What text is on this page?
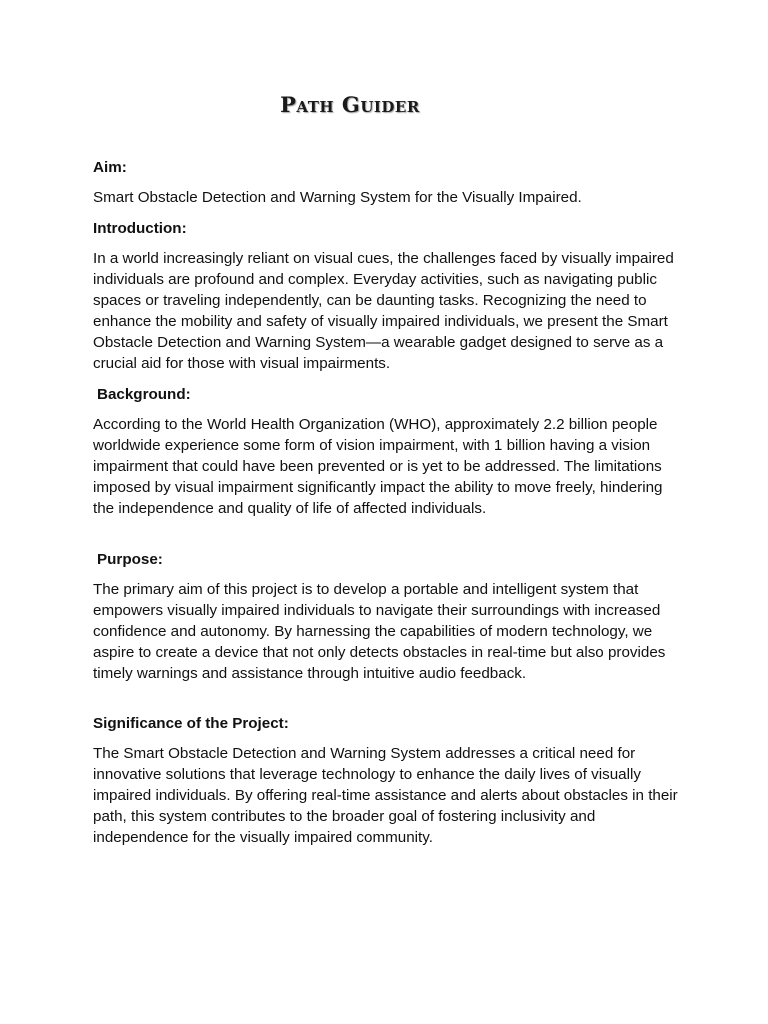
Path Guider
Aim:
Smart Obstacle Detection and Warning System for the Visually Impaired.
Introduction:
In a world increasingly reliant on visual cues, the challenges faced by visually impaired individuals are profound and complex. Everyday activities, such as navigating public spaces or traveling independently, can be daunting tasks. Recognizing the need to enhance the mobility and safety of visually impaired individuals, we present the Smart Obstacle Detection and Warning System—a wearable gadget designed to serve as a crucial aid for those with visual impairments.
Background:
According to the World Health Organization (WHO), approximately 2.2 billion people worldwide experience some form of vision impairment, with 1 billion having a vision impairment that could have been prevented or is yet to be addressed. The limitations imposed by visual impairment significantly impact the ability to move freely, hindering the independence and quality of life of affected individuals.
Purpose:
The primary aim of this project is to develop a portable and intelligent system that empowers visually impaired individuals to navigate their surroundings with increased confidence and autonomy. By harnessing the capabilities of modern technology, we aspire to create a device that not only detects obstacles in real-time but also provides timely warnings and assistance through intuitive audio feedback.
Significance of the Project:
The Smart Obstacle Detection and Warning System addresses a critical need for innovative solutions that leverage technology to enhance the daily lives of visually impaired individuals. By offering real-time assistance and alerts about obstacles in their path, this system contributes to the broader goal of fostering inclusivity and independence for the visually impaired community.
